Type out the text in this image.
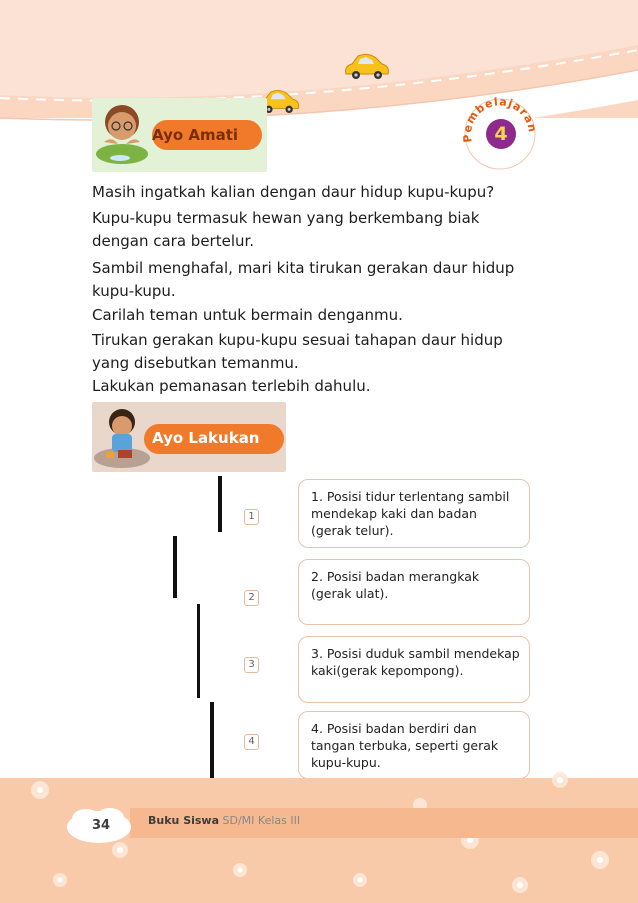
Ayo Amati	Pembelajaran
4

Masih ingatkah kalian dengan daur hidup kupu-kupu?

Kupu-kupu termasuk hewan yang berkembang biak dengan cara bertelur.

Sambil menghafal, mari kita tirukan gerakan daur hidup kupu-kupu.

Carilah teman untuk bermain denganmu.

Tirukan gerakan kupu-kupu sesuai tahapan daur hidup yang disebutkan temanmu.

Lakukan pemanasan terlebih dahulu.

Ayo Lakukan
1
2
3
4
1. Posisi tidur terlentang sambil mendekap kaki dan badan (gerak telur).
2. Posisi badan merangkak (gerak ulat).
3. Posisi duduk sambil mendekap kaki(gerak kepompong).
4. Posisi badan berdiri dan tangan terbuka, seperti gerak kupu-kupu.
34	Buku Siswa SD/MI Kelas III
